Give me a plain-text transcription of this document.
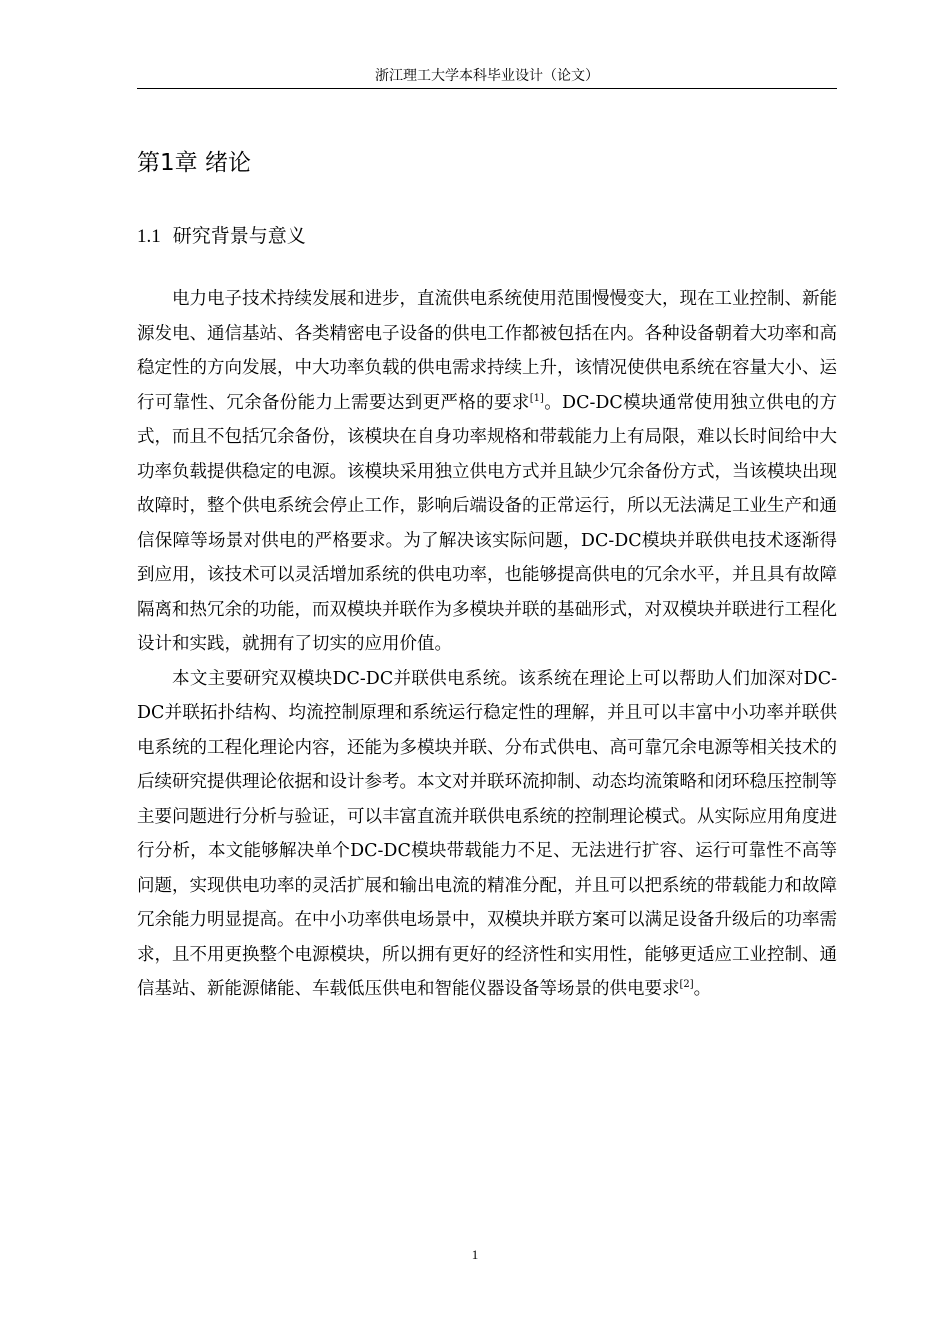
浙江理工大学本科毕业设计（论文）
第1章 绪论
1.1 研究背景与意义

电力电子技术持续发展和进步，直流供电系统使用范围慢慢变大，现在工业控制、新能源发电、通信基站、各类精密电子设备的供电工作都被包括在内。各种设备朝着大功率和高稳定性的方向发展，中大功率负载的供电需求持续上升，该情况使供电系统在容量大小、运行可靠性、冗余备份能力上需要达到更严格的要求[1]。DC-DC模块通常使用独立供电的方式，而且不包括冗余备份，该模块在自身功率规格和带载能力上有局限，难以长时间给中大功率负载提供稳定的电源。该模块采用独立供电方式并且缺少冗余备份方式，当该模块出现故障时，整个供电系统会停止工作，影响后端设备的正常运行，所以无法满足工业生产和通信保障等场景对供电的严格要求。为了解决该实际问题，DC-DC模块并联供电技术逐渐得到应用，该技术可以灵活增加系统的供电功率，也能够提高供电的冗余水平，并且具有故障隔离和热冗余的功能，而双模块并联作为多模块并联的基础形式，对双模块并联进行工程化设计和实践，就拥有了切实的应用价值。

本文主要研究双模块DC-DC并联供电系统。该系统在理论上可以帮助人们加深对DC-DC并联拓扑结构、均流控制原理和系统运行稳定性的理解，并且可以丰富中小功率并联供电系统的工程化理论内容，还能为多模块并联、分布式供电、高可靠冗余电源等相关技术的后续研究提供理论依据和设计参考。本文对并联环流抑制、动态均流策略和闭环稳压控制等主要问题进行分析与验证，可以丰富直流并联供电系统的控制理论模式。从实际应用角度进行分析，本文能够解决单个DC-DC模块带载能力不足、无法进行扩容、运行可靠性不高等问题，实现供电功率的灵活扩展和输出电流的精准分配，并且可以把系统的带载能力和故障冗余能力明显提高。在中小功率供电场景中，双模块并联方案可以满足设备升级后的功率需求，且不用更换整个电源模块，所以拥有更好的经济性和实用性，能够更适应工业控制、通信基站、新能源储能、车载低压供电和智能仪器设备等场景的供电要求[2]。

1
